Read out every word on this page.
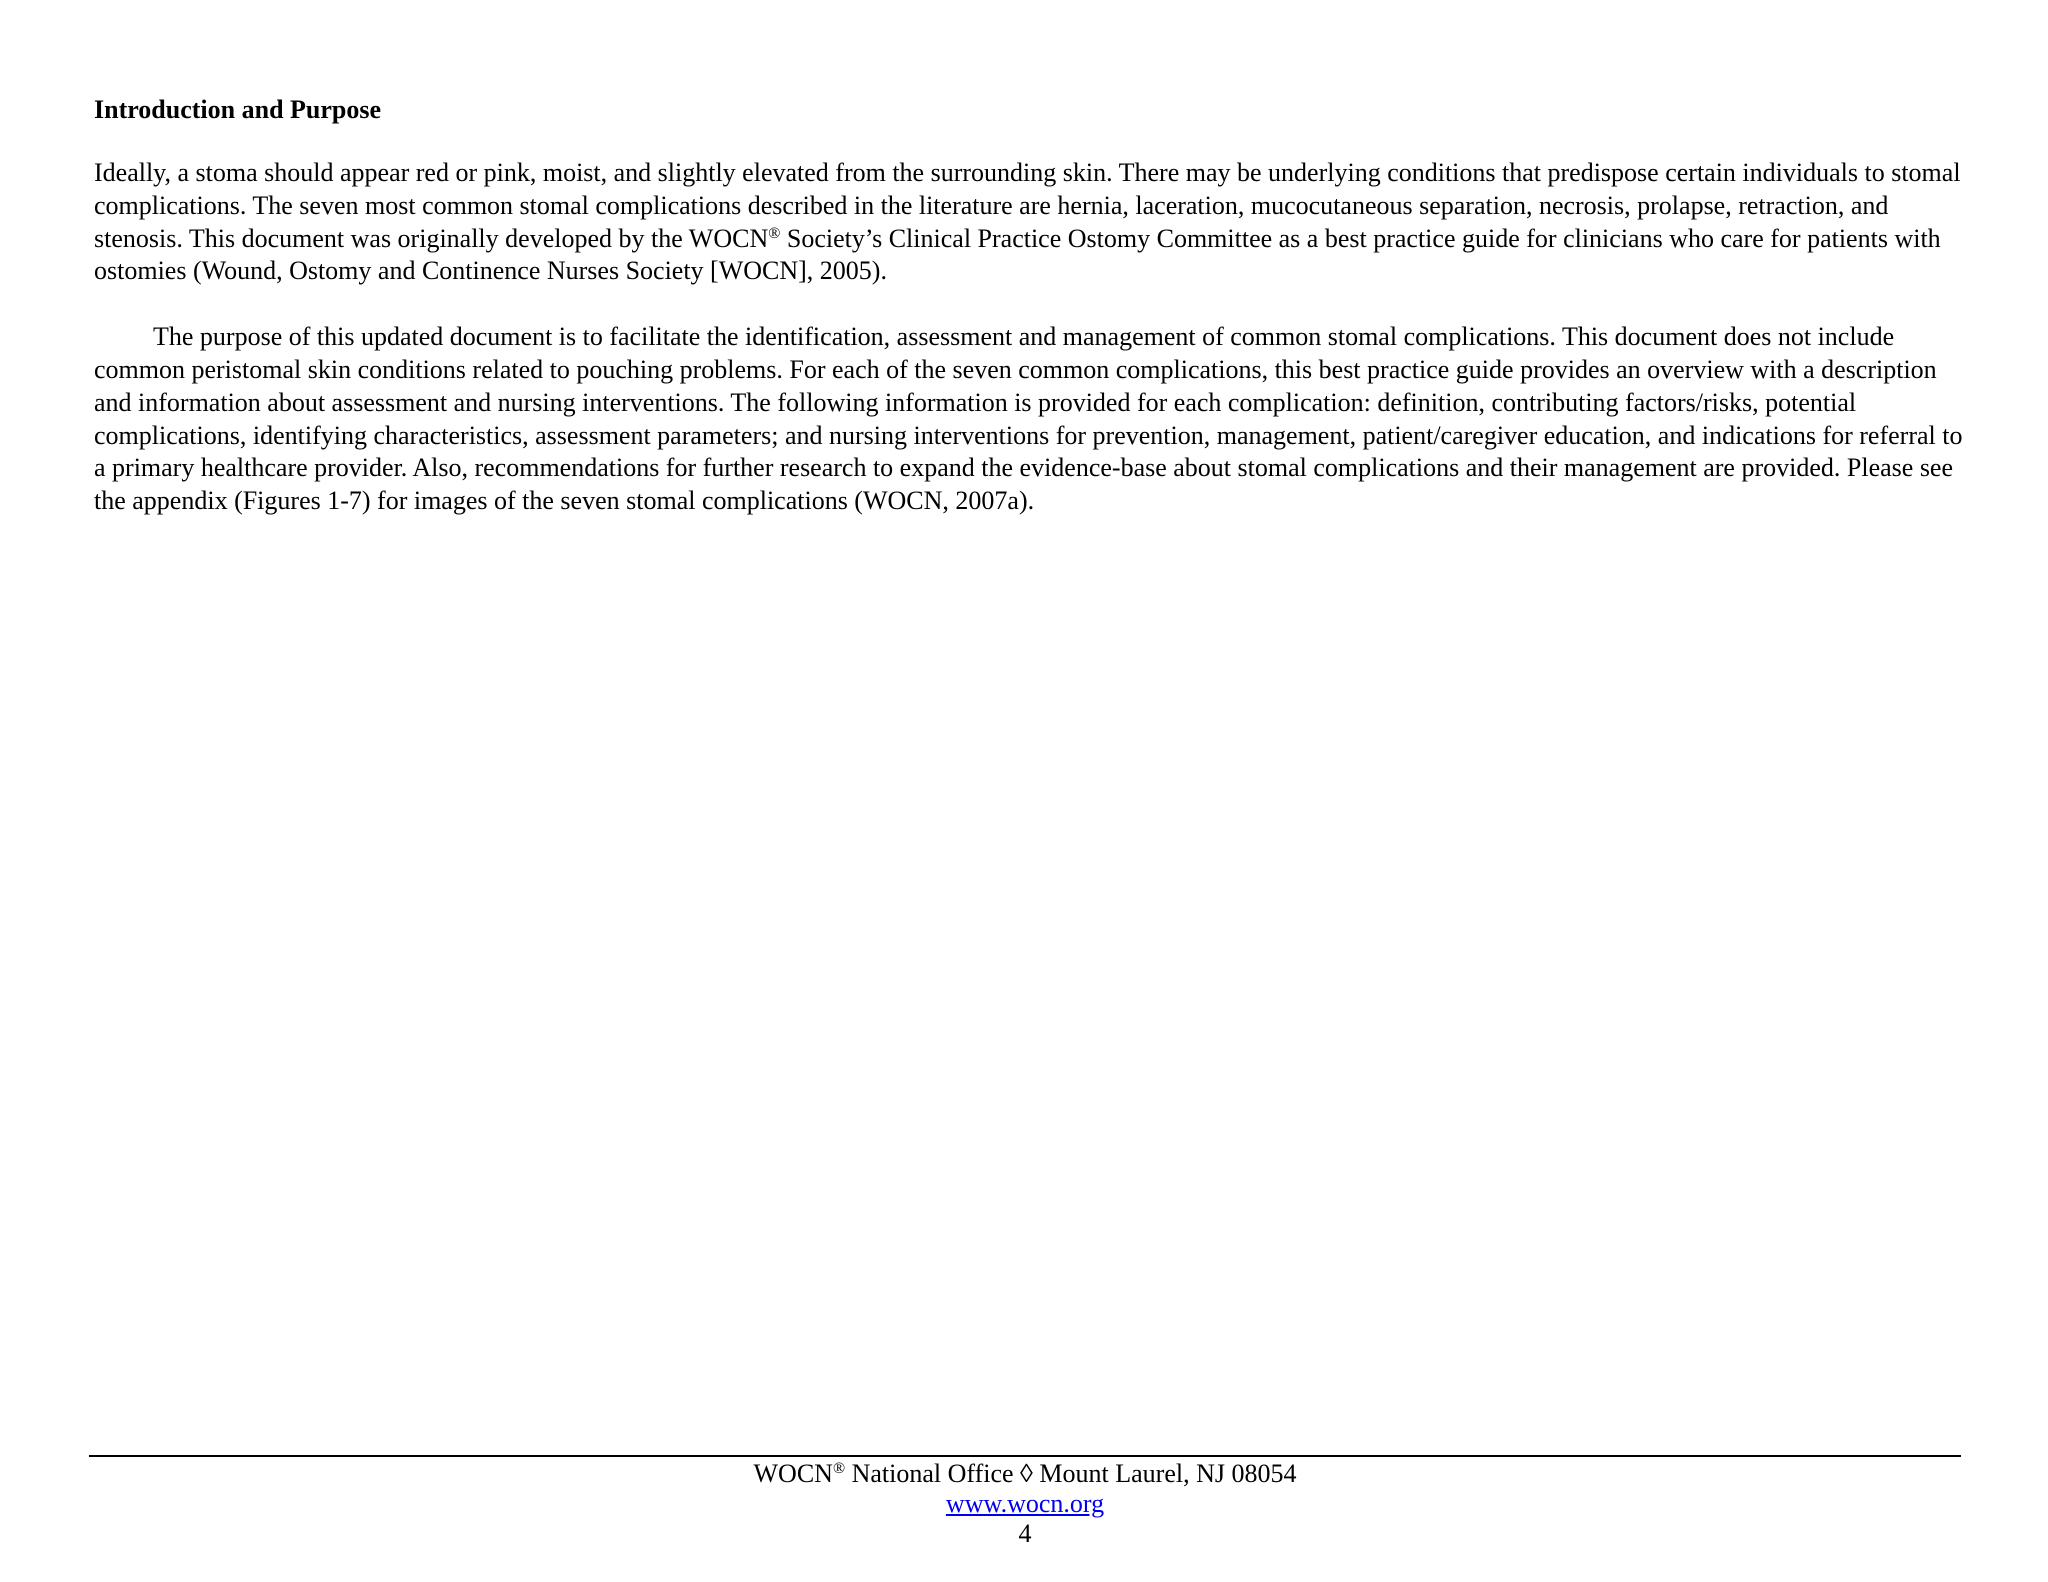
Introduction and Purpose

Ideally, a stoma should appear red or pink, moist, and slightly elevated from the surrounding skin. There may be underlying conditions that predispose certain individuals to stomal complications. The seven most common stomal complications described in the literature are hernia, laceration, mucocutaneous separation, necrosis, prolapse, retraction, and stenosis. This document was originally developed by the WOCN® Society’s Clinical Practice Ostomy Committee as a best practice guide for clinicians who care for patients with ostomies (Wound, Ostomy and Continence Nurses Society [WOCN], 2005).

The purpose of this updated document is to facilitate the identification, assessment and management of common stomal complications. This document does not include common peristomal skin conditions related to pouching problems. For each of the seven common complications, this best practice guide provides an overview with a description and information about assessment and nursing interventions. The following information is provided for each complication: definition, contributing factors/risks, potential complications, identifying characteristics, assessment parameters; and nursing interventions for prevention, management, patient/caregiver education, and indications for referral to a primary healthcare provider. Also, recommendations for further research to expand the evidence-base about stomal complications and their management are provided. Please see the appendix (Figures 1-7) for images of the seven stomal complications (WOCN, 2007a).

WOCN® National Office ◊ Mount Laurel, NJ 08054
www.wocn.org
4
